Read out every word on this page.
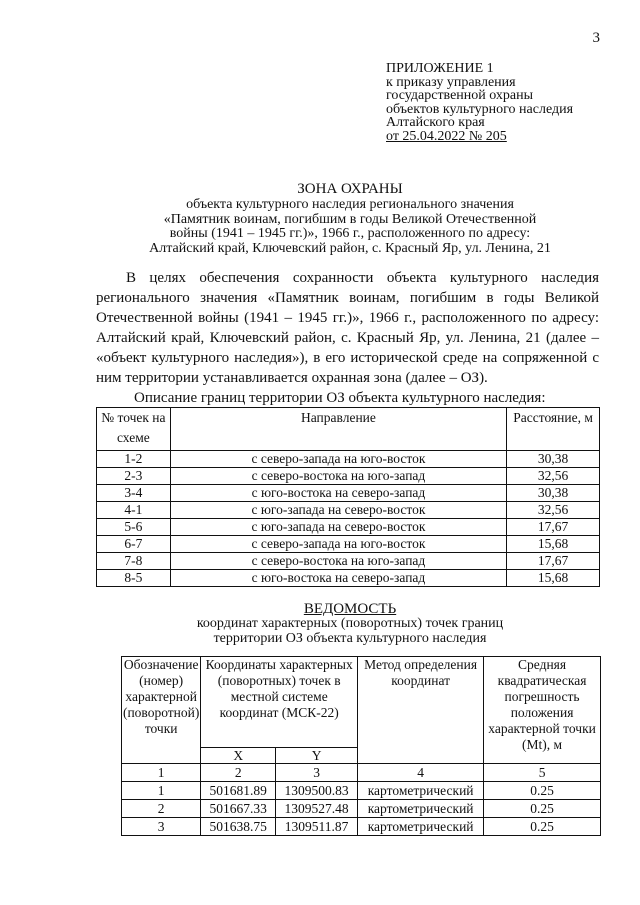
3
ПРИЛОЖЕНИЕ 1
к приказу управления
государственной охраны
объектов культурного наследия
Алтайского края
от 25.04.2022 № 205
ЗОНА ОХРАНЫ
объекта культурного наследия регионального значения
«Памятник воинам, погибшим в годы Великой Отечественной
войны (1941 – 1945 гг.)», 1966 г., расположенного по адресу:
Алтайский край, Ключевский район, с. Красный Яр, ул. Ленина, 21
В целях обеспечения сохранности объекта культурного наследия регионального значения «Памятник воинам, погибшим в годы Великой Отечественной войны (1941 – 1945 гг.)», 1966 г., расположенного по адресу: Алтайский край, Ключевский район, с. Красный Яр, ул. Ленина, 21 (далее – «объект культурного наследия»), в его исторической среде на сопряженной с ним территории устанавливается охранная зона (далее – ОЗ).
Описание границ территории ОЗ объекта культурного наследия:
№ точек на схеме	Направление	Расстояние, м
1-2	с северо-запада на юго-восток	30,38
2-3	с северо-востока на юго-запад	32,56
3-4	с юго-востока на северо-запад	30,38
4-1	с юго-запада на северо-восток	32,56
5-6	с юго-запада на северо-восток	17,67
6-7	с северо-запада на юго-восток	15,68
7-8	с северо-востока на юго-запад	17,67
8-5	с юго-востока на северо-запад	15,68
ВЕДОМОСТЬ
координат характерных (поворотных) точек границ
территории ОЗ объекта культурного наследия
Обозначение (номер) характерной (поворотной) точки	Координаты характерных (поворотных) точек в местной системе координат (МСК-22)		Метод определения координат	Средняя квадратическая погрешность положения характерной точки (Mt), м
	X	Y		
1	2	3	4	5
1	501681.89	1309500.83	картометрический	0.25
2	501667.33	1309527.48	картометрический	0.25
3	501638.75	1309511.87	картометрический	0.25
